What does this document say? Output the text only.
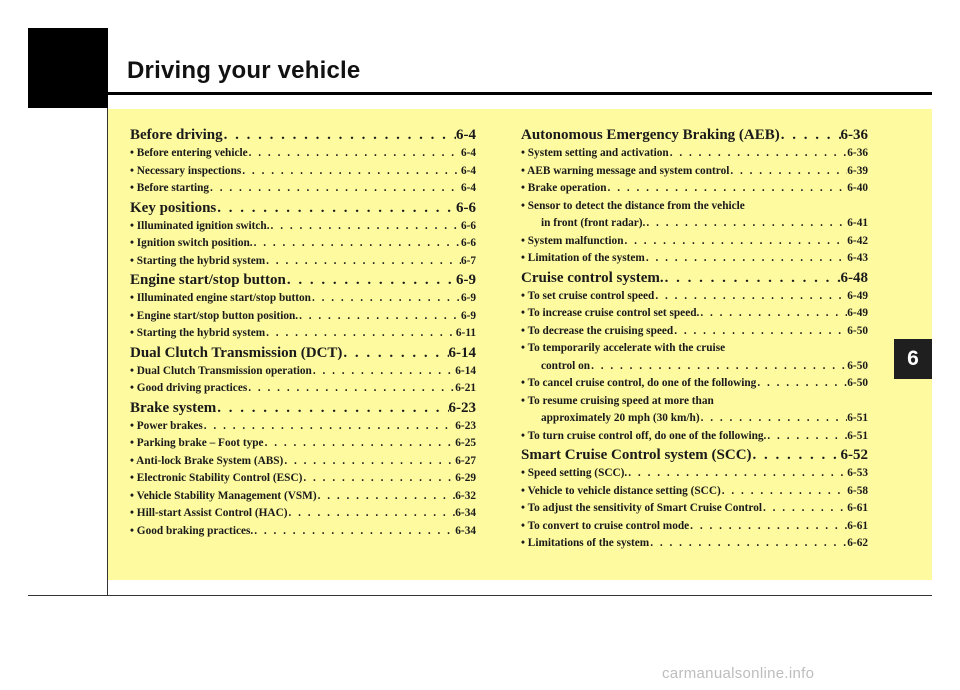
Driving your vehicle
6
Before driving . . .	6-4
• Before entering vehicle . . .	6-4
• Necessary inspections . . .	6-4
• Before starting . . .	6-4
Key positions . . .	6-6
• Illuminated ignition switch. . . .	6-6
• Ignition switch position. . . .	6-6
• Starting the hybrid system . . .	6-7
Engine start/stop button . . .	6-9
• Illuminated engine start/stop button . . .	6-9
• Engine start/stop button position. . . .	6-9
• Starting the hybrid system . . .	6-11
Dual Clutch Transmission (DCT) . . .	6-14
• Dual Clutch Transmission operation . . .	6-14
• Good driving practices . . .	6-21
Brake system . . .	6-23
• Power brakes . . .	6-23
• Parking brake – Foot type . . .	6-25
• Anti-lock Brake System (ABS) . . .	6-27
• Electronic Stability Control (ESC) . . .	6-29
• Vehicle Stability Management (VSM) . . .	6-32
• Hill-start Assist Control (HAC) . . .	6-34
• Good braking practices. . . .	6-34
Autonomous Emergency Braking (AEB) . . .	6-36
• System setting and activation . . .	6-36
• AEB warning message and system control . . .	6-39
• Brake operation . . .	6-40
• Sensor to detect the distance from the vehicle
in front (front radar). . . .	6-41
• System malfunction . . .	6-42
• Limitation of the system . . .	6-43
Cruise control system. . . .	6-48
• To set cruise control speed . . .	6-49
• To increase cruise control set speed. . . .	6-49
• To decrease the cruising speed . . .	6-50
• To temporarily accelerate with the cruise
control on . . .	6-50
• To cancel cruise control, do one of the following . . .	6-50
• To resume cruising speed at more than
approximately 20 mph (30 km/h) . . .	6-51
• To turn cruise control off, do one of the following. . . .	6-51
Smart Cruise Control system (SCC) . . .	6-52
• Speed setting (SCC). . . .	6-53
• Vehicle to vehicle distance setting (SCC) . . .	6-58
• To adjust the sensitivity of Smart Cruise Control . . .	6-61
• To convert to cruise control mode . . .	6-61
• Limitations of the system . . .	6-62
carmanualsonline.info
